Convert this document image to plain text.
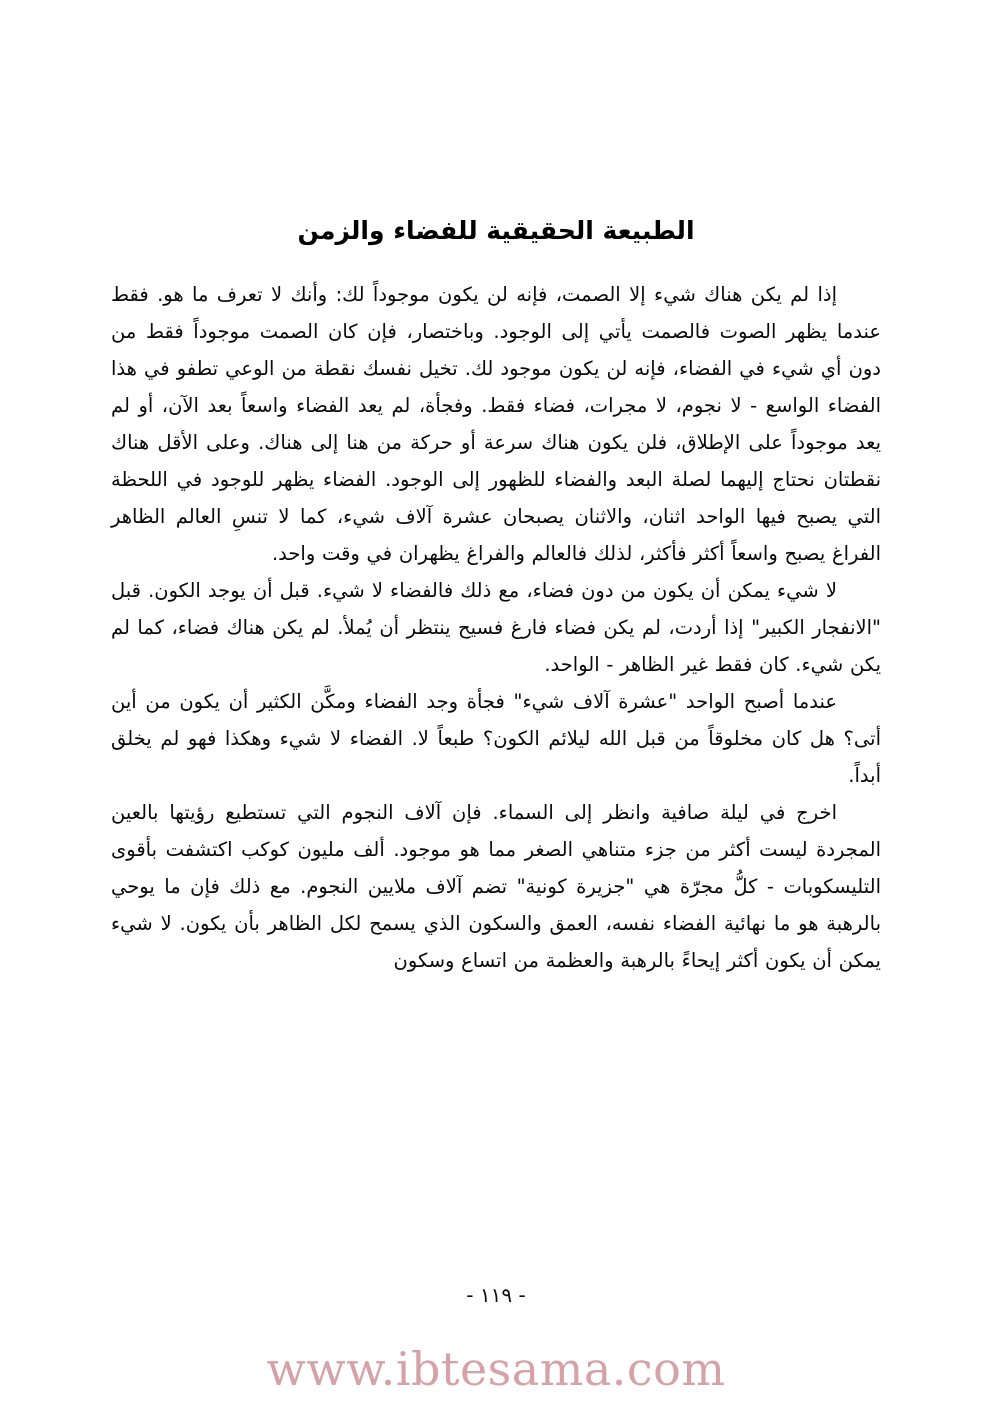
الطبيعة الحقيقية للفضاء والزمن

إذا لم يكن هناك شيء إلا الصمت، فإنه لن يكون موجوداً لك: وأنك لا تعرف ما هو. فقط عندما يظهر الصوت فالصمت يأتي إلى الوجود. وباختصار، فإن كان الصمت موجوداً فقط من دون أي شيء في الفضاء، فإنه لن يكون موجود لك. تخيل نفسك نقطة من الوعي تطفو في هذا الفضاء الواسع - لا نجوم، لا مجرات، فضاء فقط. وفجأة، لم يعد الفضاء واسعاً بعد الآن، أو لم يعد موجوداً على الإطلاق، فلن يكون هناك سرعة أو حركة من هنا إلى هناك. وعلى الأقل هناك نقطتان نحتاج إليهما لصلة البعد والفضاء للظهور إلى الوجود. الفضاء يظهر للوجود في اللحظة التي يصبح فيها الواحد اثنان، والاثنان يصبحان عشرة آلاف شيء، كما لا تنسِ العالم الظاهر الفراغ يصبح واسعاً أكثر فأكثر، لذلك فالعالم والفراغ يظهران في وقت واحد.

لا شيء يمكن أن يكون من دون فضاء، مع ذلك فالفضاء لا شيء. قبل أن يوجد الكون. قبل "الانفجار الكبير" إذا أردت، لم يكن فضاء فارغ فسيح ينتظر أن يُملأ. لم يكن هناك فضاء، كما لم يكن شيء. كان فقط غير الظاهر - الواحد.

عندما أصبح الواحد "عشرة آلاف شيء" فجأة وجد الفضاء ومكَّن الكثير أن يكون من أين أتى؟ هل كان مخلوقاً من قبل الله ليلائم الكون؟ طبعاً لا. الفضاء لا شيء وهكذا فهو لم يخلق أبداً.

اخرج في ليلة صافية وانظر إلى السماء. فإن آلاف النجوم التي تستطيع رؤيتها بالعين المجردة ليست أكثر من جزء متناهي الصغر مما هو موجود. ألف مليون كوكب اكتشفت بأقوى التليسكوبات - كلُّ مجرّة هي "جزيرة كونية" تضم آلاف ملايين النجوم. مع ذلك فإن ما يوحي بالرهبة هو ما نهائية الفضاء نفسه، العمق والسكون الذي يسمح لكل الظاهر بأن يكون. لا شيء يمكن أن يكون أكثر إيحاءً بالرهبة والعظمة من اتساع وسكون

- ١١٩ -
www.ibtesama.com
